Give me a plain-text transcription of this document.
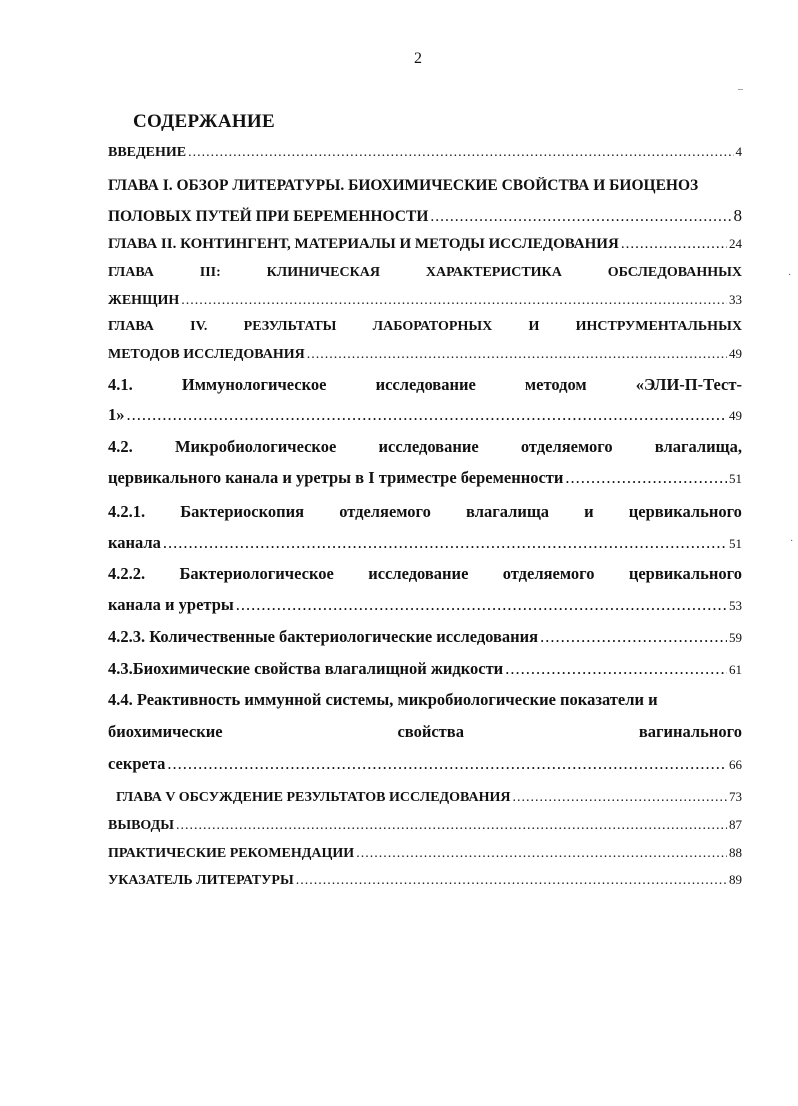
2
СОДЕРЖАНИЕ
ВВЕДЕНИЕ .....	4
ГЛАВА I. ОБЗОР ЛИТЕРАТУРЫ. БИОХИМИЧЕСКИЕ СВОЙСТВА И БИОЦЕНОЗ
ПОЛОВЫХ ПУТЕЙ ПРИ БЕРЕМЕННОСТИ .....	8
ГЛАВА II. КОНТИНГЕНТ, МАТЕРИАЛЫ И МЕТОДЫ ИССЛЕДОВАНИЯ .....	24
ГЛАВА	III:	КЛИНИЧЕСКАЯ	ХАРАКТЕРИСТИКА	ОБСЛЕДОВАННЫХ
ЖЕНЩИН .....	33
ГЛАВА	IV.	РЕЗУЛЬТАТЫ	ЛАБОРАТОРНЫХ	И	ИНСТРУМЕНТАЛЬНЫХ
МЕТОДОВ ИССЛЕДОВАНИЯ .....	49
4.1.	Иммунологическое	исследование	методом	«ЭЛИ-П-Тест-
1» .....	49
4.2.	Микробиологическое	исследование	отделяемого	влагалища,
цервикального канала и уретры в I триместре беременности .....	51
4.2.1. Бактериоскопия отделяемого влагалища и цервикального
канала .....	51
4.2.2. Бактериологическое исследование отделяемого цервикального
канала и уретры .....	53
4.2.3. Количественные бактериологические исследования .....	59
4.3.Биохимические свойства влагалищной жидкости .....	61
4.4. Реактивность иммунной системы, микробиологические показатели и
биохимические	свойства	вагинального
секрета .....	66
ГЛАВА V ОБСУЖДЕНИЕ РЕЗУЛЬТАТОВ ИССЛЕДОВАНИЯ .....	73
ВЫВОДЫ .....	87
ПРАКТИЧЕСКИЕ РЕКОМЕНДАЦИИ .....	88
УКАЗАТЕЛЬ ЛИТЕРАТУРЫ .....	89
–
·
·
